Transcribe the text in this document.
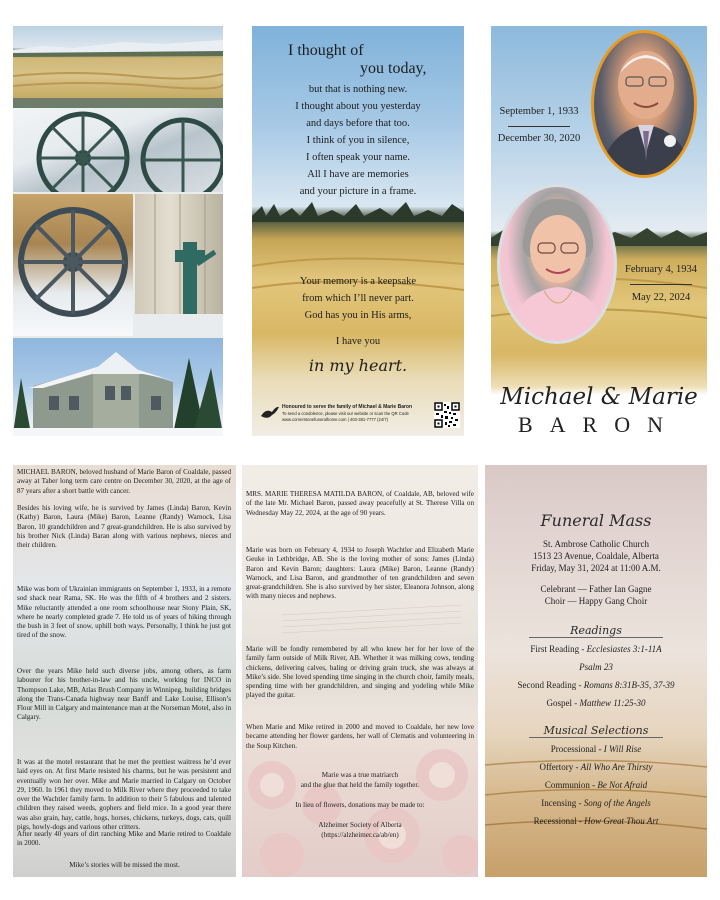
I thought of
you today,
but that is nothing new.
I thought about you yesterday
and days before that too.
I think of you in silence,
I often speak your name.
All I have are memories
and your picture in a frame.
Your memory is a keepsake
from which I’ll never part.
God has you in His arms,
I have you
in my heart.
Honoured to serve the family of Michael & Marie Baron
To send a condolence, please visit our website or scan the QR Code
www.cornerstonefuneralhome.com | 403-381-7777 (24/7)
September 1, 1933
December 30, 2020
February 4, 1934
May 22, 2024
Michael & Marie
BARON
MICHAEL BARON, beloved husband of Marie Baron of Coaldale, passed away at Taber long term care centre on December 30, 2020, at the age of 87 years after a short battle with cancer.
Besides his loving wife, he is survived by James (Linda) Baron, Kevin (Kathy) Baron, Laura (Mike) Baron, Leanne (Randy) Warnock, Lisa Baron, 10 grandchildren and 7 great-grandchildren. He is also survived by his brother Nick (Linda) Baran along with various nephews, nieces and their children.
Mike was born of Ukrainian immigrants on September 1, 1933, in a remote sod shack near Rama, SK. He was the fifth of 4 brothers and 2 sisters. Mike reluctantly attended a one room schoolhouse near Stony Plain, SK, where he nearly completed grade 7. He told us of years of hiking through the bush in 3 feet of snow, uphill both ways. Personally, I think he just got tired of the snow.
Over the years Mike held such diverse jobs, among others, as farm labourer for his brother-in-law and his uncle, working for INCO in Thompson Lake, MB, Atlas Brush Company in Winnipeg, building bridges along the Trans-Canada highway near Banff and Lake Louise, Ellison’s Flour Mill in Calgary and maintenance man at the Norseman Motel, also in Calgary.
It was at the motel restaurant that he met the prettiest waitress he’d ever laid eyes on. At first Marie resisted his charms, but he was persistent and eventually won her over. Mike and Marie married in Calgary on October 29, 1960. In 1961 they moved to Milk River where they proceeded to take over the Wachtler family farm. In addition to their 5 fabulous and talented children they raised weeds, gophers and field mice. In a good year there was also grain, hay, cattle, hogs, horses, chickens, turkeys, dogs, cats, quill pigs, howly-dogs and various other critters.
After nearly 40 years of dirt ranching Mike and Marie retired to Coaldale in 2000.
Mike’s stories will be missed the most.
MRS. MARIE THERESA MATILDA BARON, of Coaldale, AB, beloved wife of the late Mr. Michael Baron, passed away peacefully at St. Therese Villa on Wednesday May 22, 2024, at the age of 90 years.
Marie was born on February 4, 1934 to Joseph Wachtler and Elizabeth Marie Geuke in Lethbridge, AB. She is the loving mother of sons: James (Linda) Baron and Kevin Baron; daughters: Laura (Mike) Baron, Leanne (Randy) Warnock, and Lisa Baron, and grandmother of ten grandchildren and seven great-grandchildren. She is also survived by her sister, Eleanora Johnson, along with many nieces and nephews.
Marie will be fondly remembered by all who knew her for her love of the family farm outside of Milk River, AB. Whether it was milking cows, tending chickens, delivering calves, baling or driving grain truck, she was always at Mike’s side. She loved spending time singing in the church choir, family meals, spending time with her grandchildren, and singing and yodeling while Mike played the guitar.
When Marie and Mike retired in 2000 and moved to Coaldale, her new love became attending her flower gardens, her wall of Clematis and volunteering in the Soup Kitchen.
Marie was a true matriarch
and the glue that held the family together.
In lieu of flowers, donations may be made to:
Alzheimer Society of Alberta
(https://alzheimer.ca/ab/en)
Funeral Mass
St. Ambrose Catholic Church
1513 23 Avenue, Coaldale, Alberta
Friday, May 31, 2024 at 11:00 A.M.
Celebrant — Father Ian Gagne
Choir — Happy Gang Choir
Readings
First Reading - Ecclesiastes 3:1-11A
Psalm 23
Second Reading - Romans 8:31B-35, 37-39
Gospel - Matthew 11:25-30
Musical Selections
Processional - I Will Rise
Offertory - All Who Are Thirsty
Communion - Be Not Afraid
Incensing - Song of the Angels
Recessional - How Great Thou Art
